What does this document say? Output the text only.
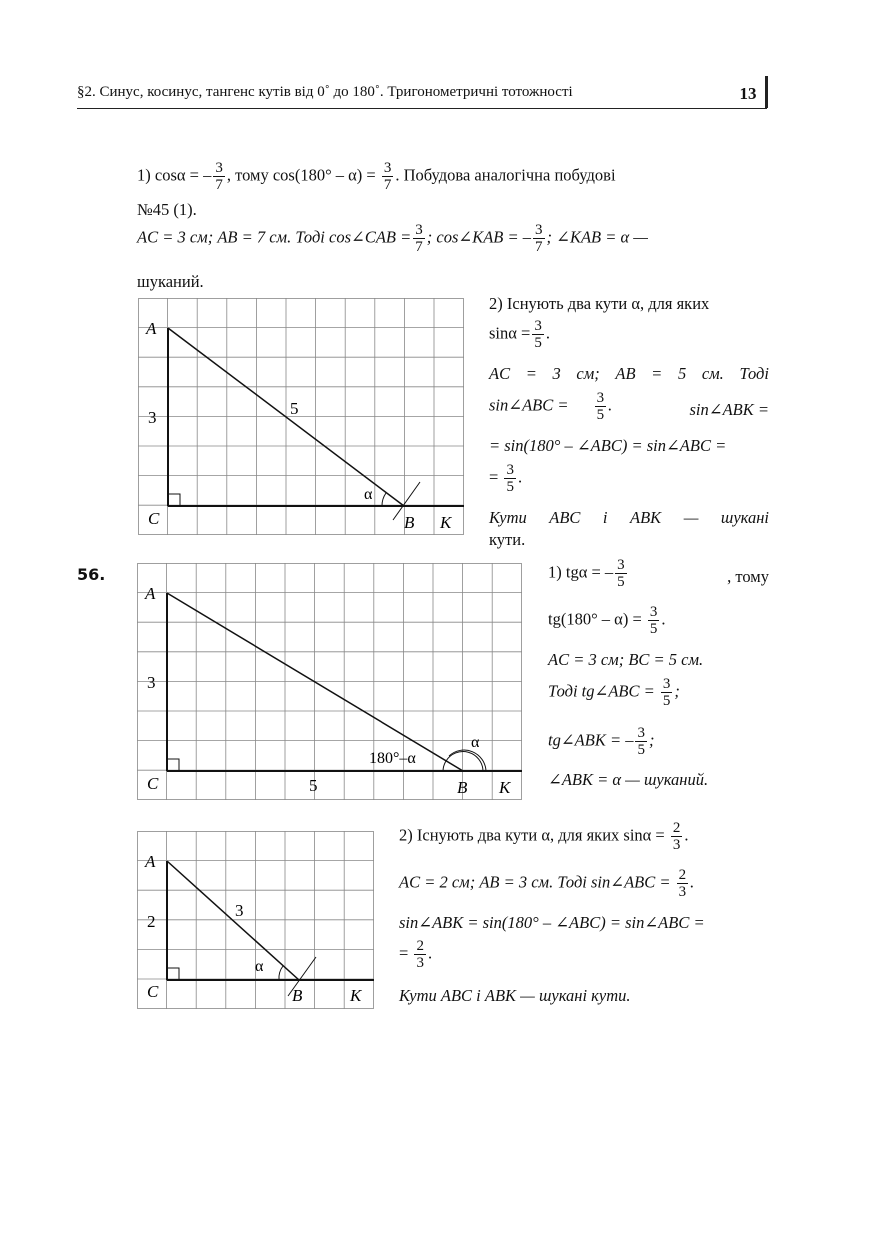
§2. Синус, косинус, тангенс кутів від 0˚ до 180˚. Тригонометричні тотожності	13
1) cosα = – $\frac{3}{7}$ , тому $\cos(180^\circ - \alpha) = \frac{3}{7}$ . Побудова аналогічна побудові
№45 (1).
AC = 3 см; AB = 7 см. Тоді cos∠CAB = $\frac{3}{7}$ ; cos∠KAB = – $\frac{3}{7}$ ; ∠KAB = α —
шуканий.
A
3	5
α
C	B K
2) Існують два кути α, для яких
$\sin\alpha = \frac{3}{5}$ .
AC = 3 см; AB = 5 см. Тоді
sin∠ABC = $\frac{3}{5}$ .	sin∠ABK =
= sin(180° – ∠ABC) = sin∠ABC =
= $\frac{3}{5}$ .
Кути ABC і ABK — шукані
кути.
56.
A
3
180°–α
α
C	5	B K
1) tgα = – $\frac{3}{5}$	, тому
$tg(180^\circ - \alpha) = \frac{3}{5}$ .
AC = 3 см; BC = 5 см.
Тоді tg∠ABC = $\frac{3}{5}$ ;
tg∠ABK = – $\frac{3}{5}$ ;
∠ABK = α — шуканий.
A
2
3
α
C	B	K
2) Існують два кути α, для яких $\sin\alpha = \frac{2}{3}$ .
AC = 2 см; AB = 3 см. Тоді sin∠ABC = $\frac{2}{3}$ .
sin∠ABK = sin(180° – ∠ABC) = sin∠ABC =
= $\frac{2}{3}$ .
Кути ABC і ABK — шукані кути.
